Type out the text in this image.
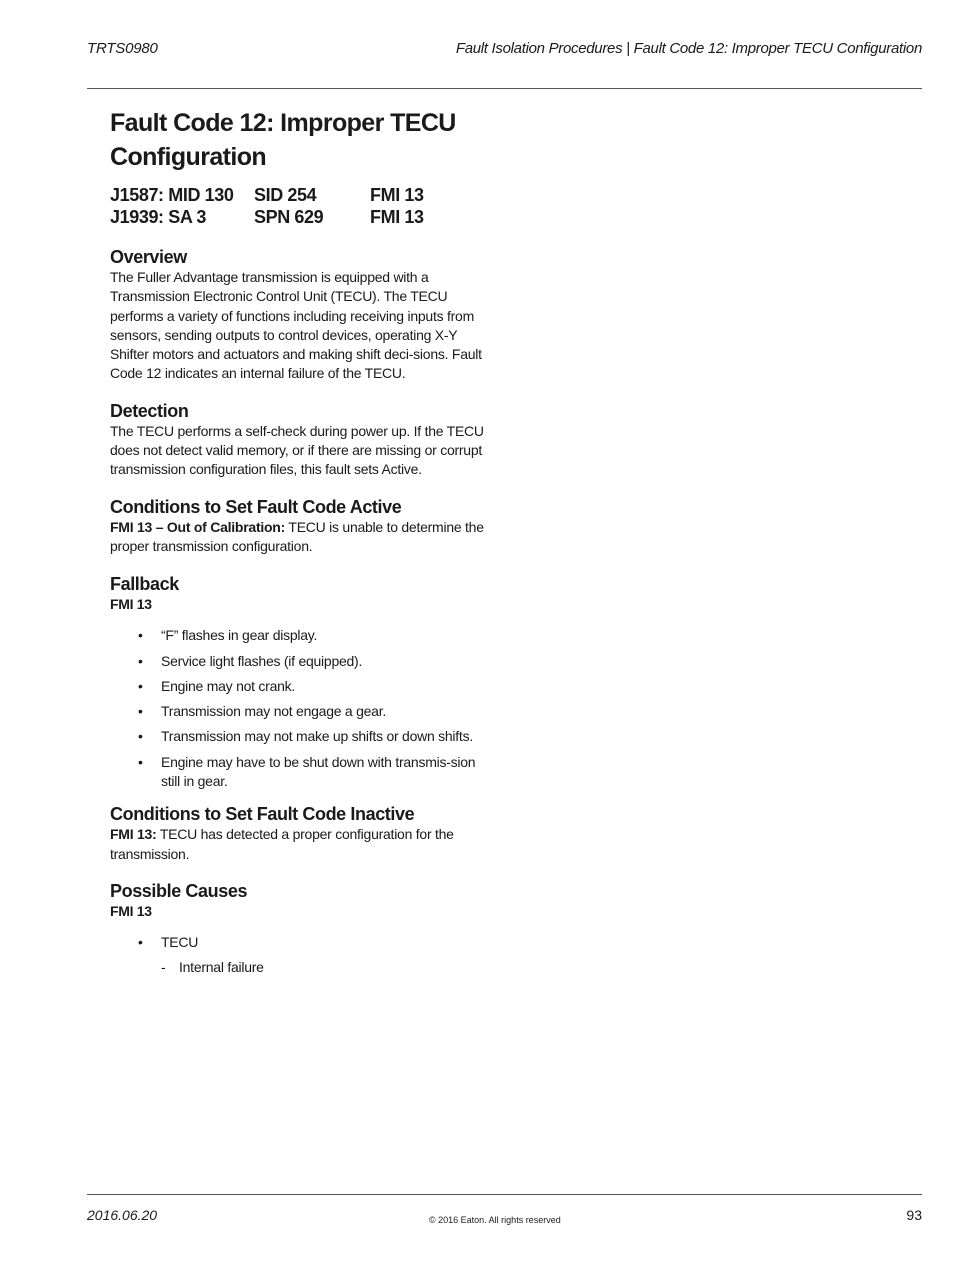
TRTS0980	Fault Isolation Procedures | Fault Code 12: Improper TECU Configuration
Fault Code 12: Improper TECU Configuration
J1587: MID 130	SID 254	FMI 13
J1939: SA 3	SPN 629	FMI 13
Overview

The Fuller Advantage transmission is equipped with a Transmission Electronic Control Unit (TECU). The TECU performs a variety of functions including receiving inputs from sensors, sending outputs to control devices, operating X-Y Shifter motors and actuators and making shift deci-sions. Fault Code 12 indicates an internal failure of the TECU.

Detection

The TECU performs a self-check during power up. If the TECU does not detect valid memory, or if there are missing or corrupt transmission configuration files, this fault sets Active.

Conditions to Set Fault Code Active

FMI 13 – Out of Calibration: TECU is unable to determine the proper transmission configuration.

Fallback
FMI 13
• “F” flashes in gear display.
• Service light flashes (if equipped).
• Engine may not crank.
• Transmission may not engage a gear.
• Transmission may not make up shifts or down shifts.
• Engine may have to be shut down with transmis-sion still in gear.
Conditions to Set Fault Code Inactive

FMI 13: TECU has detected a proper configuration for the transmission.

Possible Causes
FMI 13
• TECU
- Internal failure
2016.06.20	© 2016 Eaton. All rights reserved	93
